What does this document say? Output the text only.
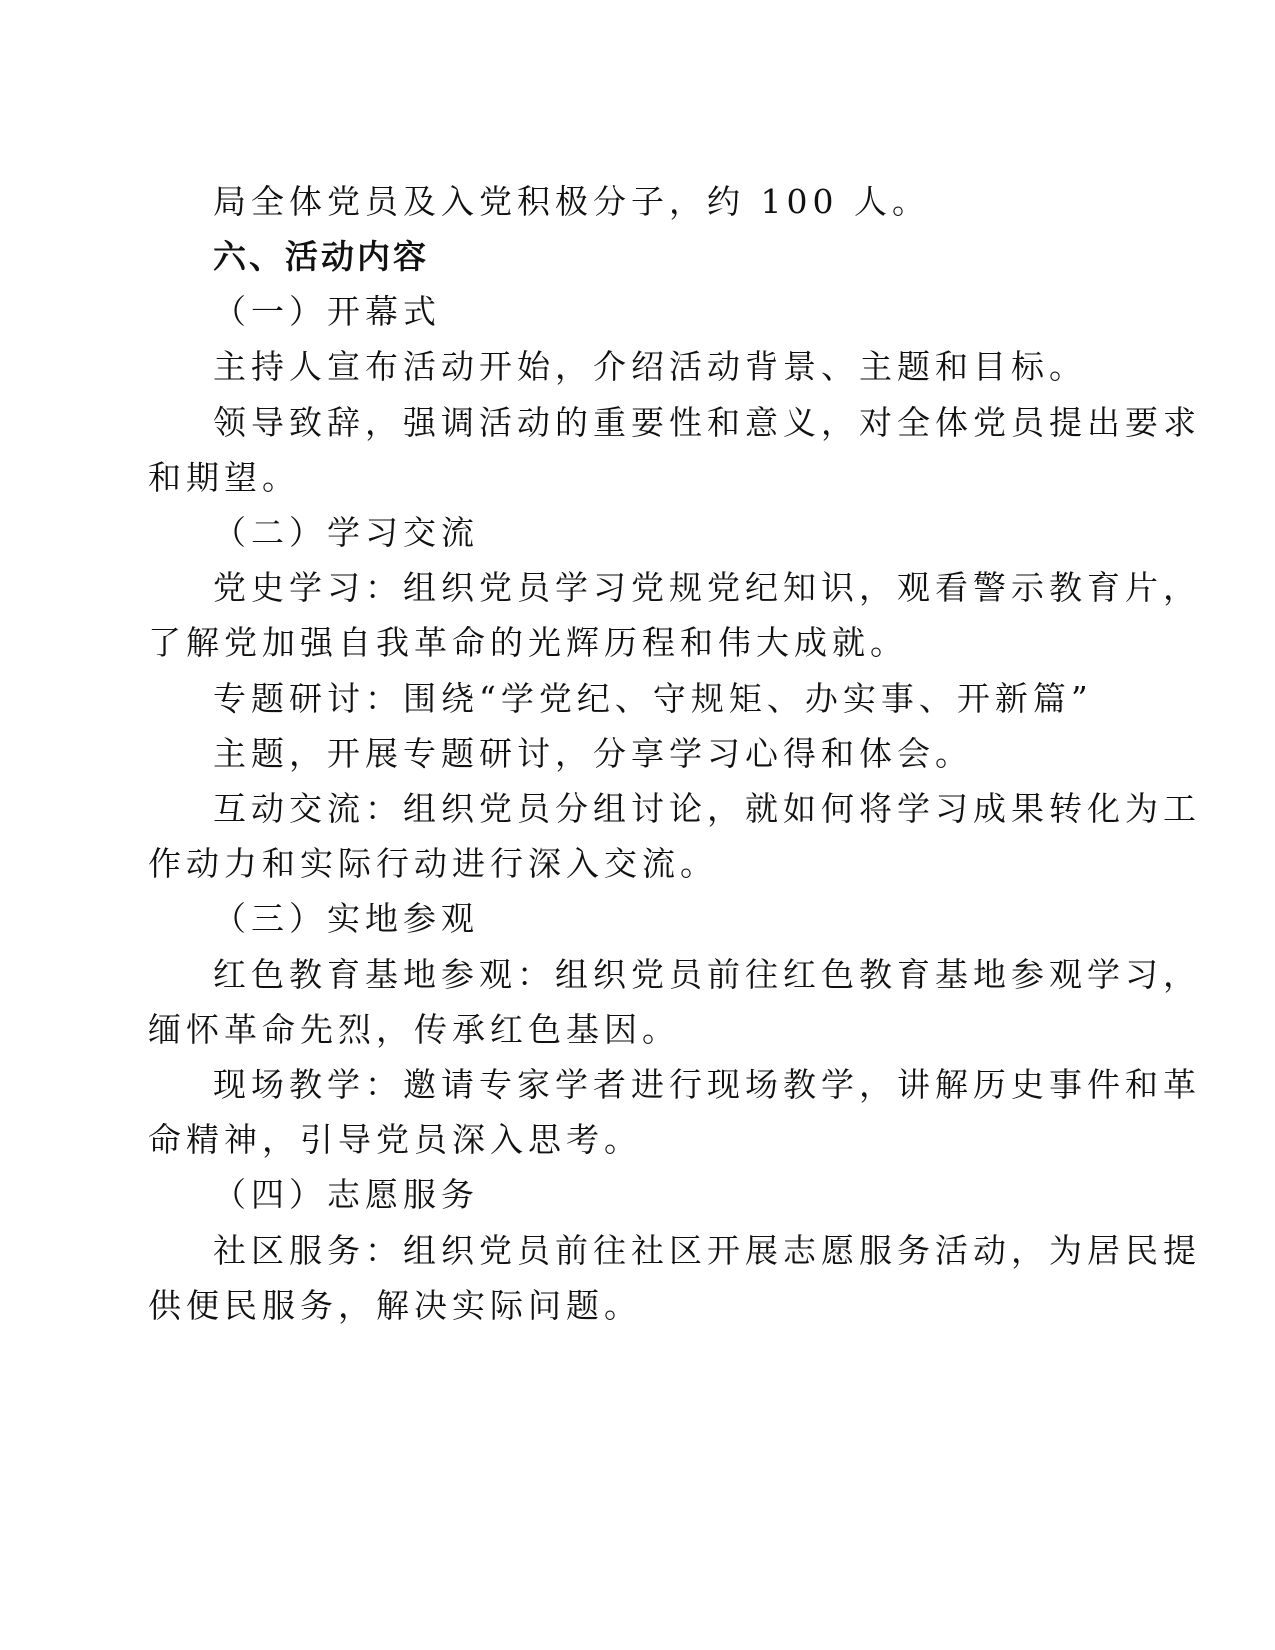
局全体党员及入党积极分子，约 100 人。
六、活动内容
（一）开幕式
主持人宣布活动开始，介绍活动背景、主题和目标。
领导致辞，强调活动的重要性和意义，对全体党员提出要求
和期望。
（二）学习交流
党史学习：组织党员学习党规党纪知识，观看警示教育片，
了解党加强自我革命的光辉历程和伟大成就。
专题研讨：围绕“学党纪、守规矩、办实事、开新篇”
主题，开展专题研讨，分享学习心得和体会。
互动交流：组织党员分组讨论，就如何将学习成果转化为工
作动力和实际行动进行深入交流。
（三）实地参观
红色教育基地参观：组织党员前往红色教育基地参观学习，
缅怀革命先烈，传承红色基因。
现场教学：邀请专家学者进行现场教学，讲解历史事件和革
命精神，引导党员深入思考。
（四）志愿服务
社区服务：组织党员前往社区开展志愿服务活动，为居民提
供便民服务，解决实际问题。
